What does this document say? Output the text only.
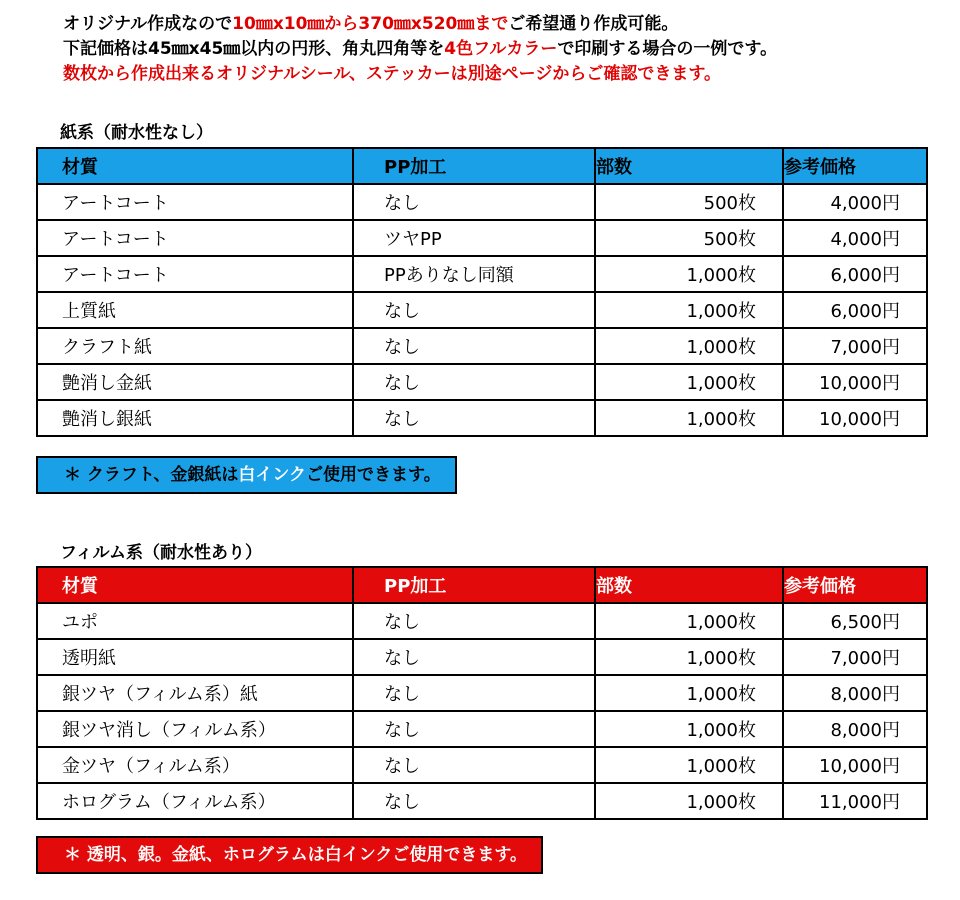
オリジナル作成なので10㎜x10㎜から370㎜x520㎜までご希望通り作成可能。
下記価格は45㎜x45㎜以内の円形、角丸四角等を4色フルカラーで印刷する場合の一例です。
数枚から作成出来るオリジナルシール、ステッカーは別途ページからご確認できます。
紙系（耐水性なし）
材質	PP加工	部数	参考価格
アートコート	なし	500枚	4,000円
アートコート	ツヤPP	500枚	4,000円
アートコート	PPありなし同額	1,000枚	6,000円
上質紙	なし	1,000枚	6,000円
クラフト紙	なし	1,000枚	7,000円
艶消し金紙	なし	1,000枚	10,000円
艶消し銀紙	なし	1,000枚	10,000円
＊ クラフト、金銀紙は白インクご使用できます。
フィルム系（耐水性あり）
材質	PP加工	部数	参考価格
ユポ	なし	1,000枚	6,500円
透明紙	なし	1,000枚	7,000円
銀ツヤ（フィルム系）紙	なし	1,000枚	8,000円
銀ツヤ消し（フィルム系）	なし	1,000枚	8,000円
金ツヤ（フィルム系）	なし	1,000枚	10,000円
ホログラム（フィルム系）	なし	1,000枚	11,000円
＊ 透明、銀。金紙、ホログラムは白インクご使用できます。
